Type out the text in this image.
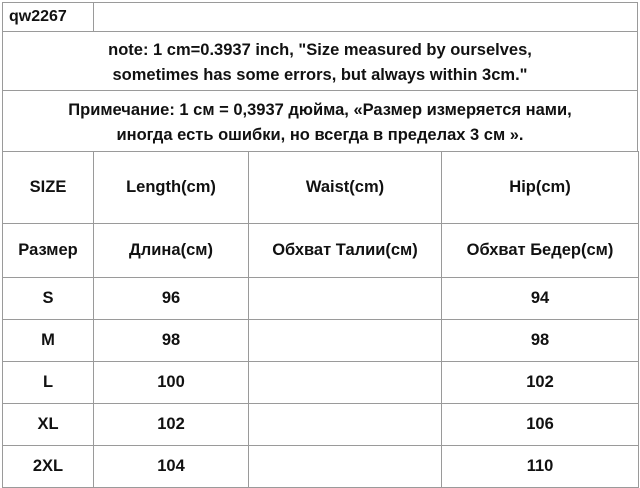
qw2267
note: 1 cm=0.3937 inch, "Size measured by ourselves,
sometimes has some errors, but always within 3cm."
Примечание: 1 см = 0,3937 дюйма, «Размер измеряется нами,
иногда есть ошибки, но всегда в пределах 3 см ».
SIZE	Length(cm)	Waist(cm)	Hip(cm)
Размер	Длина(см)	Обхват Талии(см)	Обхват Бедер(см)
S	96		94
M	98		98
L	100		102
XL	102		106
2XL	104		110
